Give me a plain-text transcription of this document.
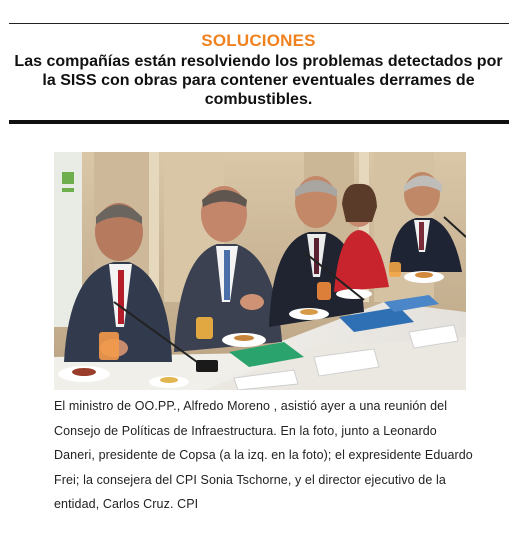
SOLUCIONES
Las compañías están resolviendo los problemas detectados por la SISS con obras para contener eventuales derrames de combustibles.
El ministro de OO.PP., Alfredo Moreno , asistió ayer a una reunión del Consejo de Políticas de Infraestructura. En la foto, junto a Leonardo Daneri, presidente de Copsa (a la izq. en la foto); el expresidente Eduardo Frei; la consejera del CPI Sonia Tschorne, y el director ejecutivo de la entidad, Carlos Cruz. CPI
